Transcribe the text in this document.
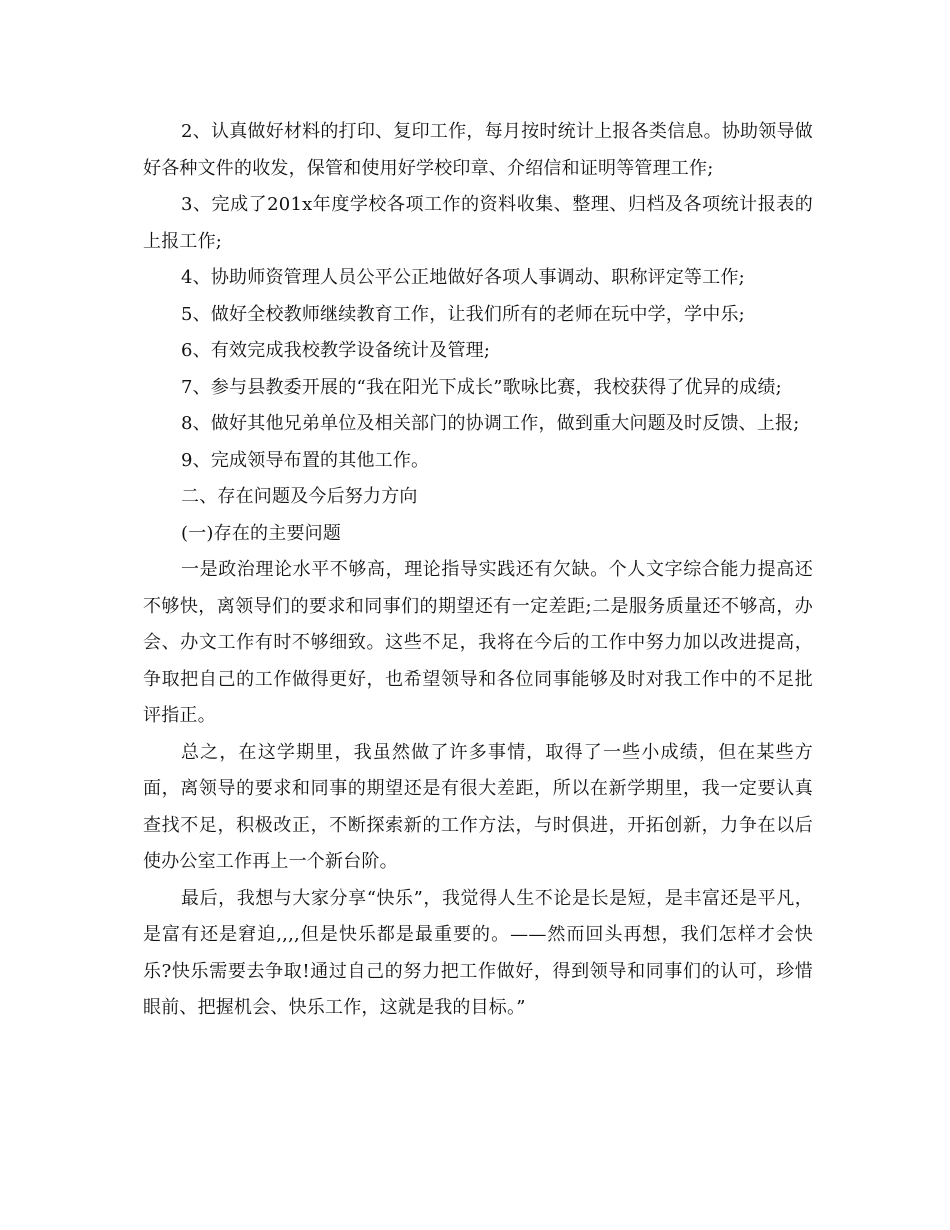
2、认真做好材料的打印、复印工作，每月按时统计上报各类信息。协助领导做好各种文件的收发，保管和使用好学校印章、介绍信和证明等管理工作;

3、完成了201x年度学校各项工作的资料收集、整理、归档及各项统计报表的上报工作;

4、协助师资管理人员公平公正地做好各项人事调动、职称评定等工作;

5、做好全校教师继续教育工作，让我们所有的老师在玩中学，学中乐;

6、有效完成我校教学设备统计及管理;

7、参与县教委开展的“我在阳光下成长”歌咏比赛，我校获得了优异的成绩;

8、做好其他兄弟单位及相关部门的协调工作，做到重大问题及时反馈、上报;

9、完成领导布置的其他工作。

二、存在问题及今后努力方向

(一)存在的主要问题

一是政治理论水平不够高，理论指导实践还有欠缺。个人文字综合能力提高还不够快，离领导们的要求和同事们的期望还有一定差距;二是服务质量还不够高，办会、办文工作有时不够细致。这些不足，我将在今后的工作中努力加以改进提高，争取把自己的工作做得更好，也希望领导和各位同事能够及时对我工作中的不足批评指正。

总之，在这学期里，我虽然做了许多事情，取得了一些小成绩，但在某些方面，离领导的要求和同事的期望还是有很大差距，所以在新学期里，我一定要认真查找不足，积极改正，不断探索新的工作方法，与时俱进，开拓创新，力争在以后使办公室工作再上一个新台阶。

最后，我想与大家分享“快乐”，我觉得人生不论是长是短，是丰富还是平凡，是富有还是窘迫,,,,但是快乐都是最重要的。——然而回头再想，我们怎样才会快乐?快乐需要去争取!通过自己的努力把工作做好，得到领导和同事们的认可，珍惜眼前、把握机会、快乐工作，这就是我的目标。”
